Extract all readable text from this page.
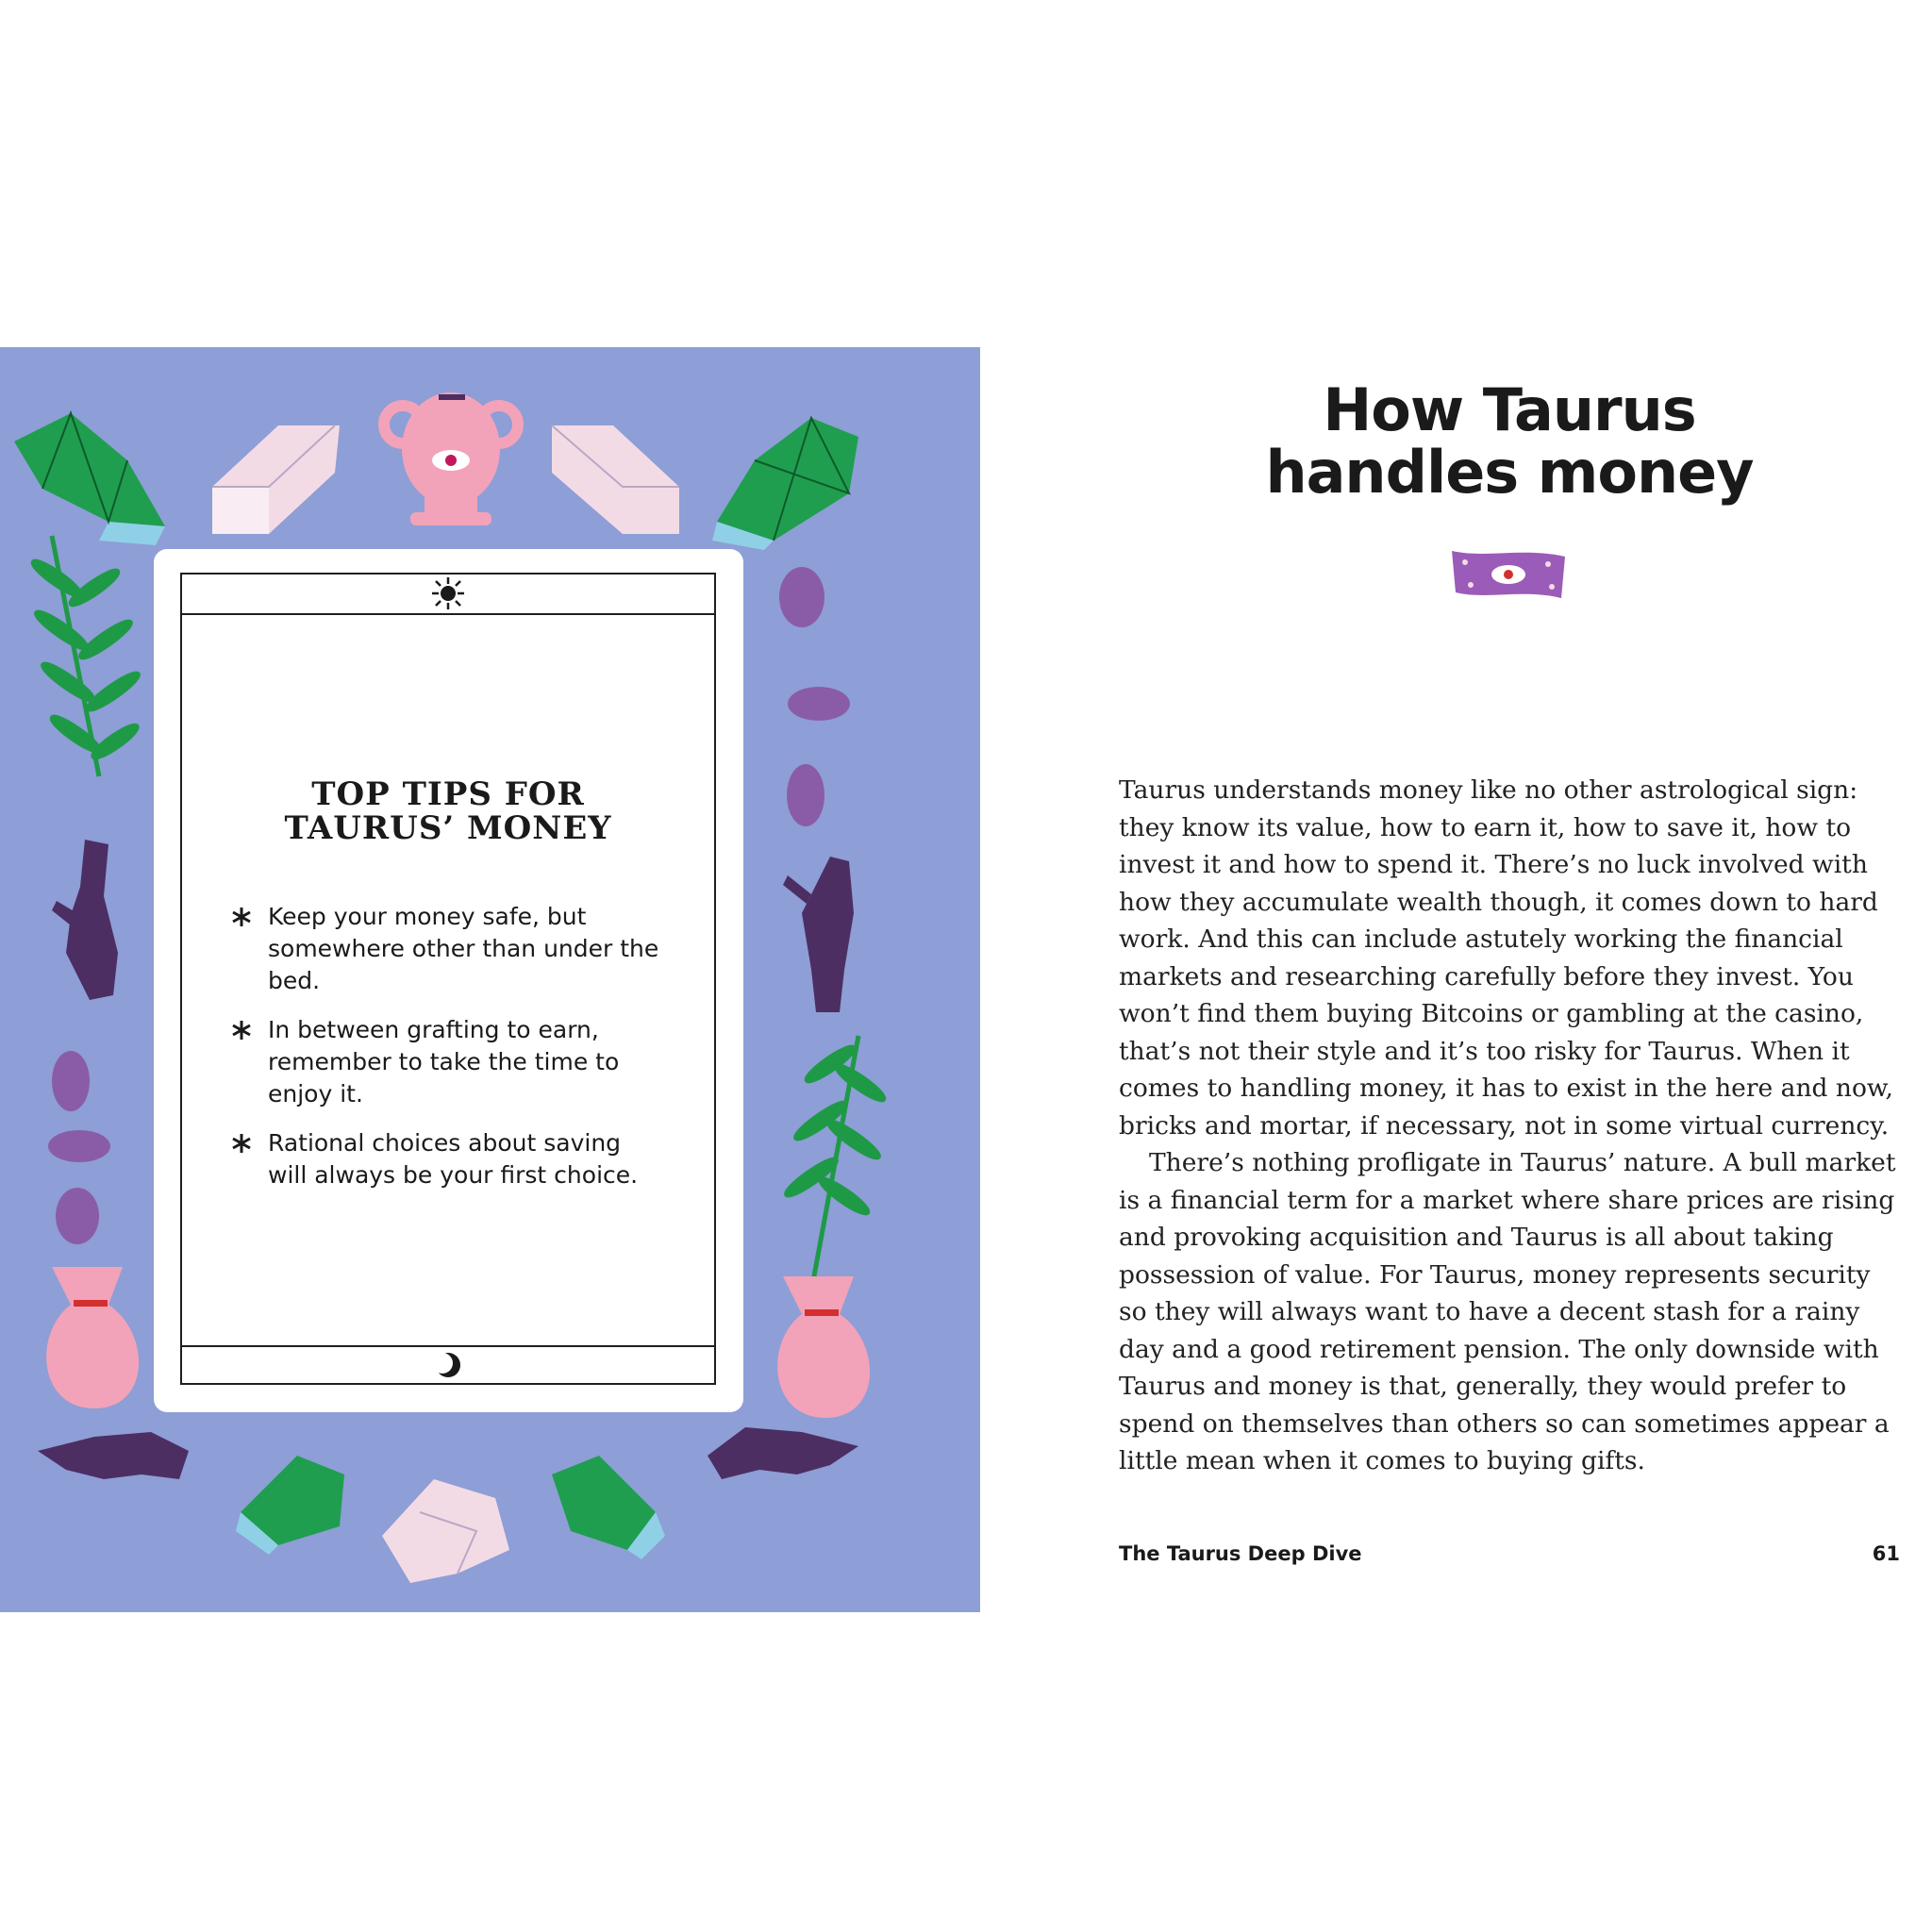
TOP TIPS FOR
TAURUS’ MONEY
Keep your money safe, but somewhere other than under the bed.
In between grafting to earn, remember to take the time to enjoy it.
Rational choices about saving will always be your first choice.
How Taurus
handles money

Taurus understands money like no other astrological sign: they know its value, how to earn it, how to save it, how to invest it and how to spend it. There’s no luck involved with how they accumulate wealth though, it comes down to hard work. And this can include astutely working the financial markets and researching carefully before they invest. You won’t find them buying Bitcoins or gambling at the casino, that’s not their style and it’s too risky for Taurus. When it comes to handling money, it has to exist in the here and now, bricks and mortar, if necessary, not in some virtual currency.

There’s nothing profligate in Taurus’ nature. A bull market is a financial term for a market where share prices are rising and provoking acquisition and Taurus is all about taking possession of value. For Taurus, money represents security so they will always want to have a decent stash for a rainy day and a good retirement pension. The only downside with Taurus and money is that, generally, they would prefer to spend on themselves than others so can sometimes appear a little mean when it comes to buying gifts.

The Taurus Deep Dive	61
